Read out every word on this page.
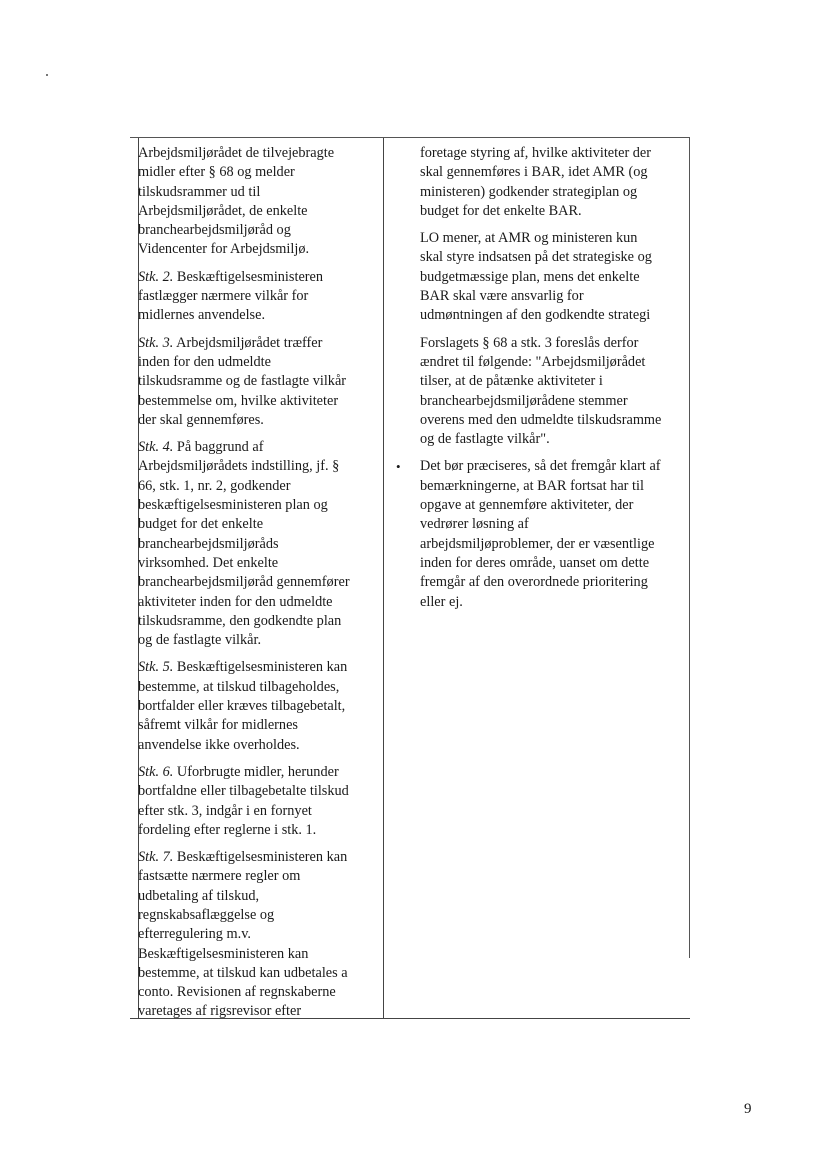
Arbejdsmiljørådet de tilvejebragte
midler efter § 68 og melder
tilskudsrammer ud til
Arbejdsmiljørådet, de enkelte
branchearbejdsmiljøråd og
Videncenter for Arbejdsmiljø.

Stk. 2. Beskæftigelsesministeren
fastlægger nærmere vilkår for
midlernes anvendelse.

Stk. 3. Arbejdsmiljørådet træffer
inden for den udmeldte
tilskudsramme og de fastlagte vilkår
bestemmelse om, hvilke aktiviteter
der skal gennemføres.

Stk. 4. På baggrund af
Arbejdsmiljørådets indstilling, jf. §
66, stk. 1, nr. 2, godkender
beskæftigelsesministeren plan og
budget for det enkelte
branchearbejdsmiljøråds
virksomhed. Det enkelte
branchearbejdsmiljøråd gennemfører
aktiviteter inden for den udmeldte
tilskudsramme, den godkendte plan
og de fastlagte vilkår.

Stk. 5. Beskæftigelsesministeren kan
bestemme, at tilskud tilbageholdes,
bortfalder eller kræves tilbagebetalt,
såfremt vilkår for midlernes
anvendelse ikke overholdes.

Stk. 6. Uforbrugte midler, herunder
bortfaldne eller tilbagebetalte tilskud
efter stk. 3, indgår i en fornyet
fordeling efter reglerne i stk. 1.

Stk. 7. Beskæftigelsesministeren kan
fastsætte nærmere regler om
udbetaling af tilskud,
regnskabsaflæggelse og
efterregulering m.v.
Beskæftigelsesministeren kan
bestemme, at tilskud kan udbetales a
conto. Revisionen af regnskaberne
varetages af rigsrevisor efter

foretage styring af, hvilke aktiviteter der
skal gennemføres i BAR, idet AMR (og
ministeren) godkender strategiplan og
budget for det enkelte BAR.

LO mener, at AMR og ministeren kun
skal styre indsatsen på det strategiske og
budgetmæssige plan, mens det enkelte
BAR skal være ansvarlig for
udmøntningen af den godkendte strategi

Forslagets § 68 a stk. 3 foreslås derfor
ændret til følgende: "Arbejdsmiljørådet
tilser, at de påtænke aktiviteter i
branchearbejdsmiljørådene stemmer
overens med den udmeldte tilskudsramme
og de fastlagte vilkår".

Det bør præciseres, så det fremgår klart af
bemærkningerne, at BAR fortsat har til
opgave at gennemføre aktiviteter, der
vedrører løsning af
arbejdsmiljøproblemer, der er væsentlige
inden for deres område, uanset om dette
fremgår af den overordnede prioritering
eller ej.

•
9
